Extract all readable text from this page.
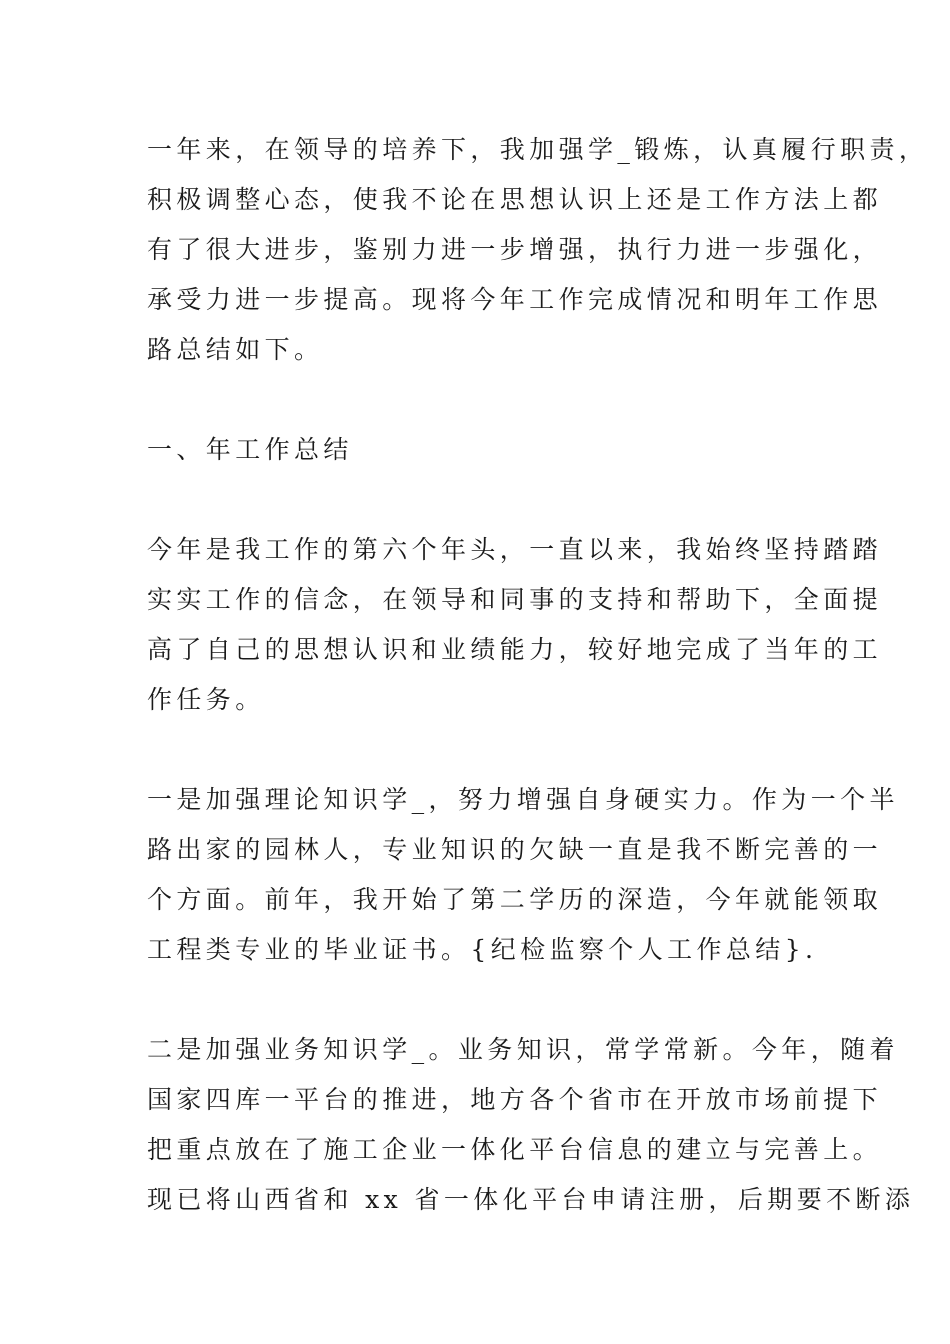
一年来，在领导的培养下，我加强学_锻炼，认真履行职责，
积极调整心态，使我不论在思想认识上还是工作方法上都
有了很大进步，鉴别力进一步增强，执行力进一步强化，
承受力进一步提高。现将今年工作完成情况和明年工作思
路总结如下。
一、年工作总结
今年是我工作的第六个年头，一直以来，我始终坚持踏踏
实实工作的信念，在领导和同事的支持和帮助下，全面提
高了自己的思想认识和业绩能力，较好地完成了当年的工
作任务。
一是加强理论知识学_，努力增强自身硬实力。作为一个半
路出家的园林人，专业知识的欠缺一直是我不断完善的一
个方面。前年，我开始了第二学历的深造，今年就能领取
工程类专业的毕业证书。{纪检监察个人工作总结}.
二是加强业务知识学_。业务知识，常学常新。今年，随着
国家四库一平台的推进，地方各个省市在开放市场前提下
把重点放在了施工企业一体化平台信息的建立与完善上。
现已将山西省和 xx 省一体化平台申请注册，后期要不断添
